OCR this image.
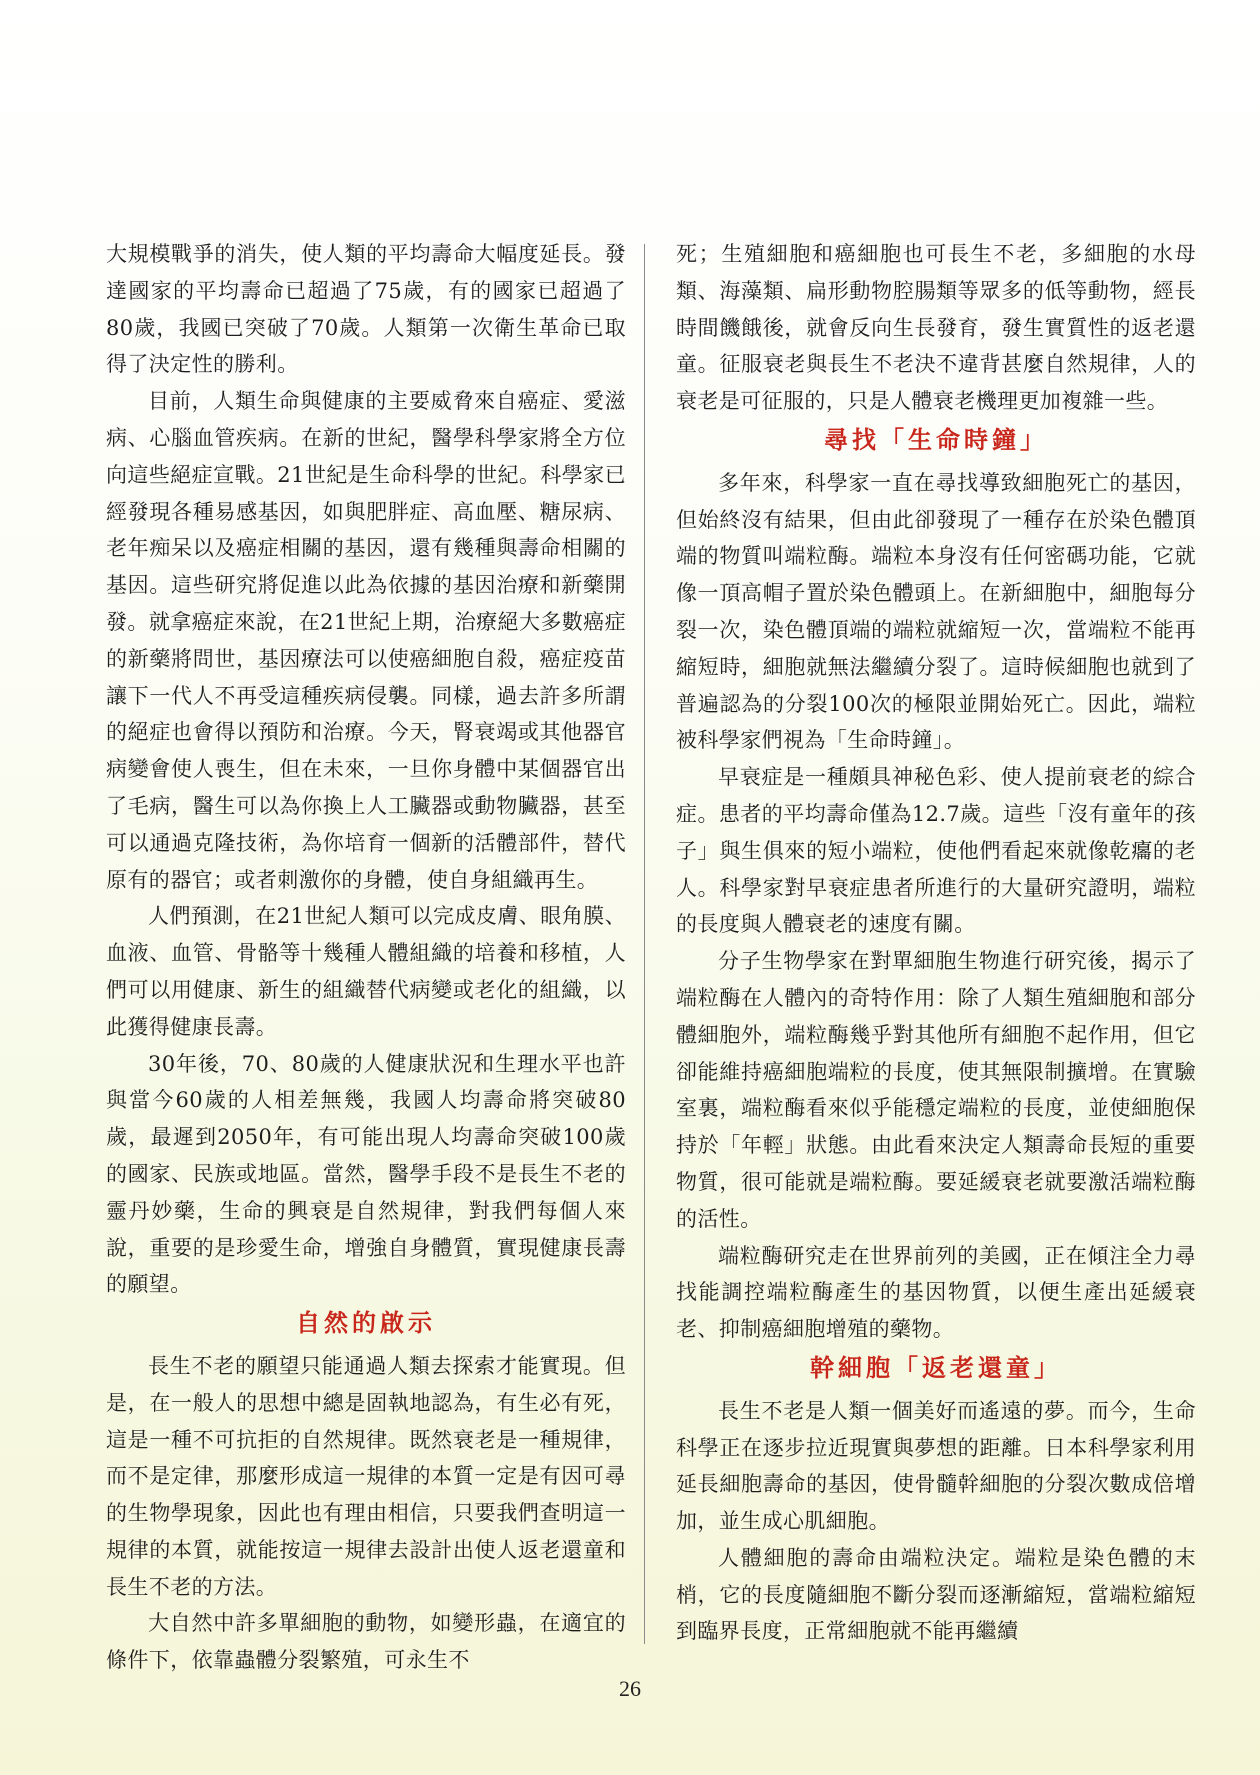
大規模戰爭的消失，使人類的平均壽命大幅度延長。發達國家的平均壽命已超過了75歲，有的國家已超過了80歲，我國已突破了70歲。人類第一次衛生革命已取得了決定性的勝利。

目前，人類生命與健康的主要威脅來自癌症、愛滋病、心腦血管疾病。在新的世紀，醫學科學家將全方位向這些絕症宣戰。21世紀是生命科學的世紀。科學家已經發現各種易感基因，如與肥胖症、高血壓、糖尿病、老年痴呆以及癌症相關的基因，還有幾種與壽命相關的基因。這些研究將促進以此為依據的基因治療和新藥開發。就拿癌症來說，在21世紀上期，治療絕大多數癌症的新藥將問世，基因療法可以使癌細胞自殺，癌症疫苗讓下一代人不再受這種疾病侵襲。同樣，過去許多所謂的絕症也會得以預防和治療。今天，腎衰竭或其他器官病變會使人喪生，但在未來，一旦你身體中某個器官出了毛病，醫生可以為你換上人工臟器或動物臟器，甚至可以通過克隆技術，為你培育一個新的活體部件，替代原有的器官；或者刺激你的身體，使自身組織再生。

人們預測，在21世紀人類可以完成皮膚、眼角膜、血液、血管、骨骼等十幾種人體組織的培養和移植，人們可以用健康、新生的組織替代病變或老化的組織，以此獲得健康長壽。

30年後，70、80歲的人健康狀況和生理水平也許與當今60歲的人相差無幾，我國人均壽命將突破80歲，最遲到2050年，有可能出現人均壽命突破100歲的國家、民族或地區。當然，醫學手段不是長生不老的靈丹妙藥，生命的興衰是自然規律，對我們每個人來說，重要的是珍愛生命，增強自身體質，實現健康長壽的願望。

自然的啟示

長生不老的願望只能通過人類去探索才能實現。但是，在一般人的思想中總是固執地認為，有生必有死，這是一種不可抗拒的自然規律。既然衰老是一種規律，而不是定律，那麼形成這一規律的本質一定是有因可尋的生物學現象，因此也有理由相信，只要我們查明這一規律的本質，就能按這一規律去設計出使人返老還童和長生不老的方法。

大自然中許多單細胞的動物，如變形蟲，在適宜的條件下，依靠蟲體分裂繁殖，可永生不

死；生殖細胞和癌細胞也可長生不老，多細胞的水母類、海藻類、扁形動物腔腸類等眾多的低等動物，經長時間饑餓後，就會反向生長發育，發生實質性的返老還童。征服衰老與長生不老決不違背甚麼自然規律，人的衰老是可征服的，只是人體衰老機理更加複雜一些。

尋找「生命時鐘」

多年來，科學家一直在尋找導致細胞死亡的基因，但始終沒有結果，但由此卻發現了一種存在於染色體頂端的物質叫端粒酶。端粒本身沒有任何密碼功能，它就像一頂高帽子置於染色體頭上。在新細胞中，細胞每分裂一次，染色體頂端的端粒就縮短一次，當端粒不能再縮短時，細胞就無法繼續分裂了。這時候細胞也就到了普遍認為的分裂100次的極限並開始死亡。因此，端粒被科學家們視為「生命時鐘」。

早衰症是一種頗具神秘色彩、使人提前衰老的綜合症。患者的平均壽命僅為12.7歲。這些「沒有童年的孩子」與生俱來的短小端粒，使他們看起來就像乾癟的老人。科學家對早衰症患者所進行的大量研究證明，端粒的長度與人體衰老的速度有關。

分子生物學家在對單細胞生物進行研究後，揭示了端粒酶在人體內的奇特作用：除了人類生殖細胞和部分體細胞外，端粒酶幾乎對其他所有細胞不起作用，但它卻能維持癌細胞端粒的長度，使其無限制擴增。在實驗室裏，端粒酶看來似乎能穩定端粒的長度，並使細胞保持於「年輕」狀態。由此看來決定人類壽命長短的重要物質，很可能就是端粒酶。要延緩衰老就要激活端粒酶的活性。

端粒酶研究走在世界前列的美國，正在傾注全力尋找能調控端粒酶產生的基因物質，以便生產出延緩衰老、抑制癌細胞增殖的藥物。

幹細胞「返老還童」

長生不老是人類一個美好而遙遠的夢。而今，生命科學正在逐步拉近現實與夢想的距離。日本科學家利用延長細胞壽命的基因，使骨髓幹細胞的分裂次數成倍增加，並生成心肌細胞。

人體細胞的壽命由端粒決定。端粒是染色體的末梢，它的長度隨細胞不斷分裂而逐漸縮短，當端粒縮短到臨界長度，正常細胞就不能再繼續

26
